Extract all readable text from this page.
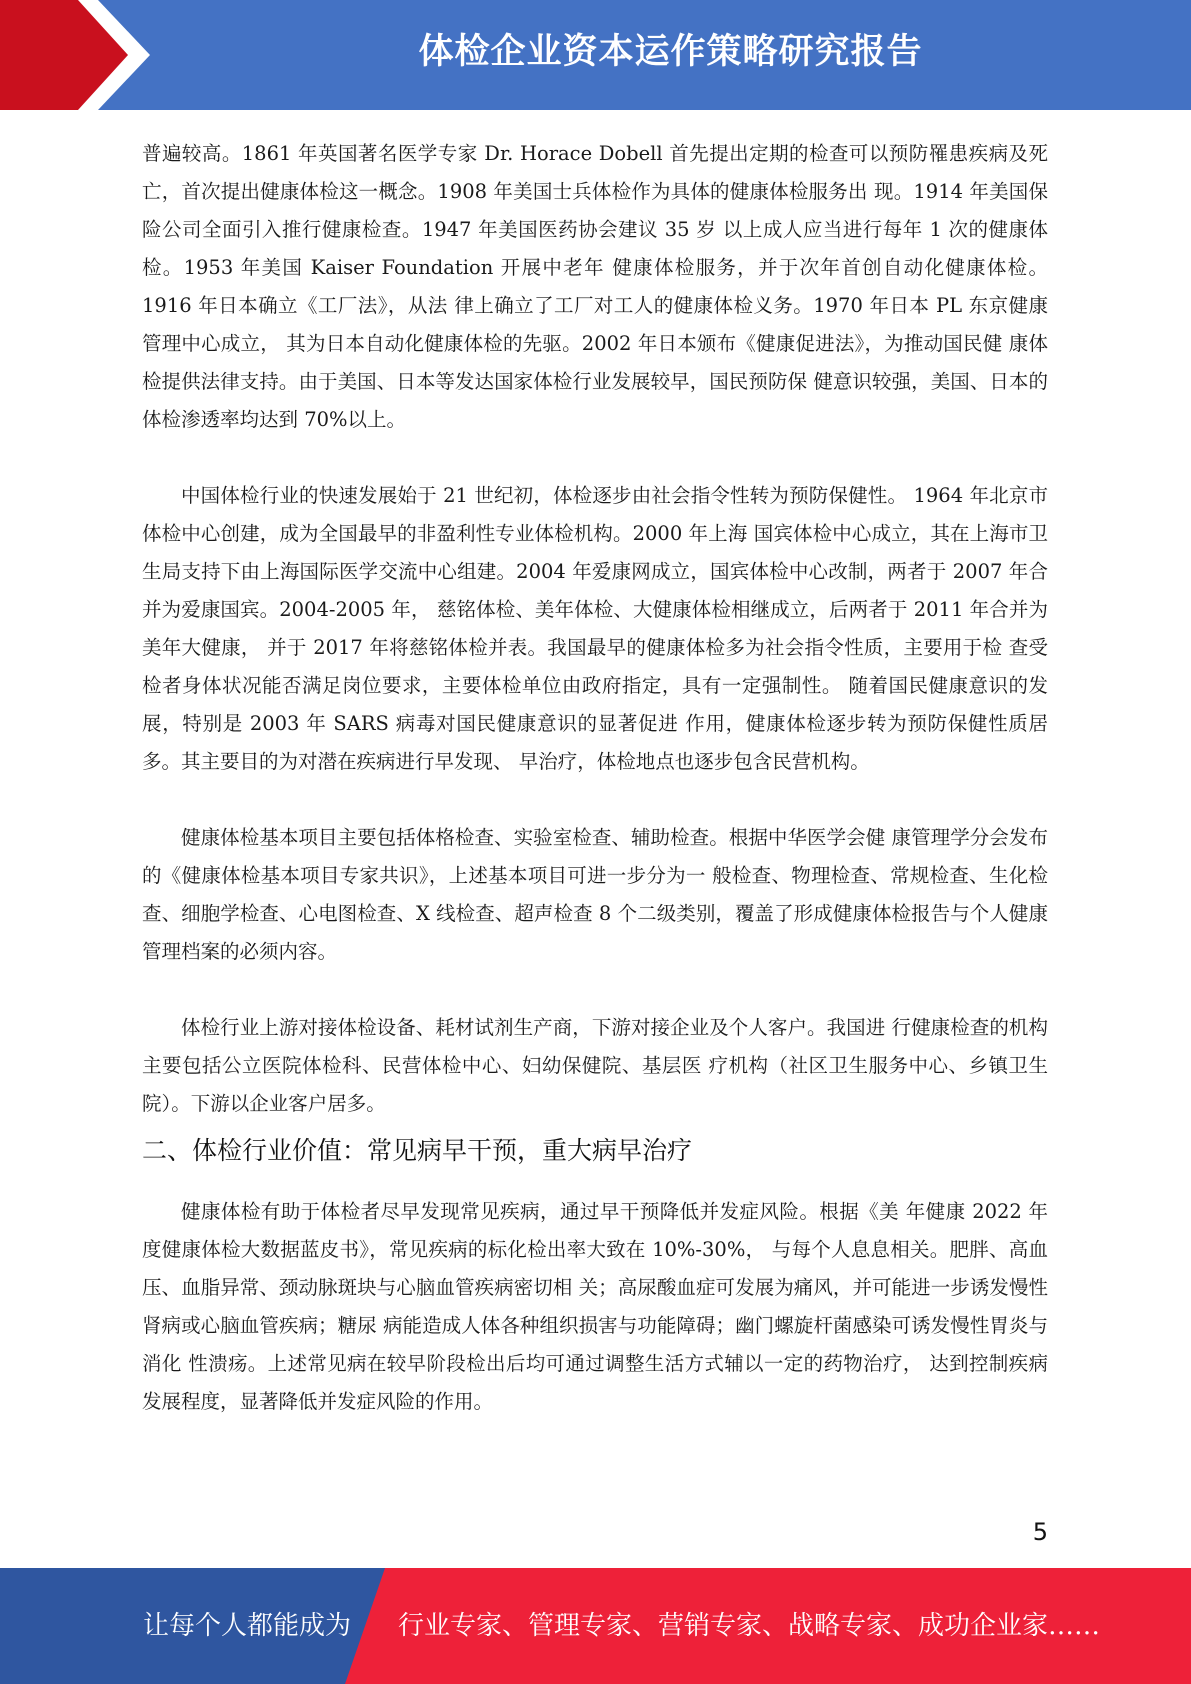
体检企业资本运作策略研究报告

普遍较高。1861 年英国著名医学专家 Dr. Horace Dobell 首先提出定期的检查可以预防罹患疾病及死 亡，首次提出健康体检这一概念。1908 年美国士兵体检作为具体的健康体检服务出 现。1914 年美国保险公司全面引入推行健康检查。1947 年美国医药协会建议 35 岁 以上成人应当进行每年 1 次的健康体检。1953 年美国 Kaiser Foundation 开展中老年 健康体检服务，并于次年首创自动化健康体检。1916 年日本确立《工厂法》，从法 律上确立了工厂对工人的健康体检义务。1970 年日本 PL 东京健康管理中心成立， 其为日本自动化健康体检的先驱。2002 年日本颁布《健康促进法》，为推动国民健 康体检提供法律支持。由于美国、日本等发达国家体检行业发展较早，国民预防保 健意识较强，美国、日本的体检渗透率均达到 70%以上。

中国体检行业的快速发展始于 21 世纪初，体检逐步由社会指令性转为预防保健性。 1964 年北京市体检中心创建，成为全国最早的非盈利性专业体检机构。2000 年上海 国宾体检中心成立，其在上海市卫生局支持下由上海国际医学交流中心组建。2004 年爱康网成立，国宾体检中心改制，两者于 2007 年合并为爱康国宾。2004-2005 年， 慈铭体检、美年体检、大健康体检相继成立，后两者于 2011 年合并为美年大健康， 并于 2017 年将慈铭体检并表。我国最早的健康体检多为社会指令性质，主要用于检 查受检者身体状况能否满足岗位要求，主要体检单位由政府指定，具有一定强制性。 随着国民健康意识的发展，特别是 2003 年 SARS 病毒对国民健康意识的显著促进 作用，健康体检逐步转为预防保健性质居多。其主要目的为对潜在疾病进行早发现、 早治疗，体检地点也逐步包含民营机构。

健康体检基本项目主要包括体格检查、实验室检查、辅助检查。根据中华医学会健 康管理学分会发布的《健康体检基本项目专家共识》，上述基本项目可进一步分为一 般检查、物理检查、常规检查、生化检查、细胞学检查、心电图检查、X 线检查、超声检查 8 个二级类别，覆盖了形成健康体检报告与个人健康管理档案的必须内容。

体检行业上游对接体检设备、耗材试剂生产商，下游对接企业及个人客户。我国进 行健康检查的机构主要包括公立医院体检科、民营体检中心、妇幼保健院、基层医 疗机构（社区卫生服务中心、乡镇卫生院）。下游以企业客户居多。

二、体检行业价值：常见病早干预，重大病早治疗

健康体检有助于体检者尽早发现常见疾病，通过早干预降低并发症风险。根据《美 年健康 2022 年度健康体检大数据蓝皮书》，常见疾病的标化检出率大致在 10%-30%， 与每个人息息相关。肥胖、高血压、血脂异常、颈动脉斑块与心脑血管疾病密切相 关；高尿酸血症可发展为痛风，并可能进一步诱发慢性肾病或心脑血管疾病；糖尿 病能造成人体各种组织损害与功能障碍；幽门螺旋杆菌感染可诱发慢性胃炎与消化 性溃疡。上述常见病在较早阶段检出后均可通过调整生活方式辅以一定的药物治疗， 达到控制疾病发展程度，显著降低并发症风险的作用。

5
让每个人都能成为 行业专家、管理专家、营销专家、战略专家、成功企业家……
